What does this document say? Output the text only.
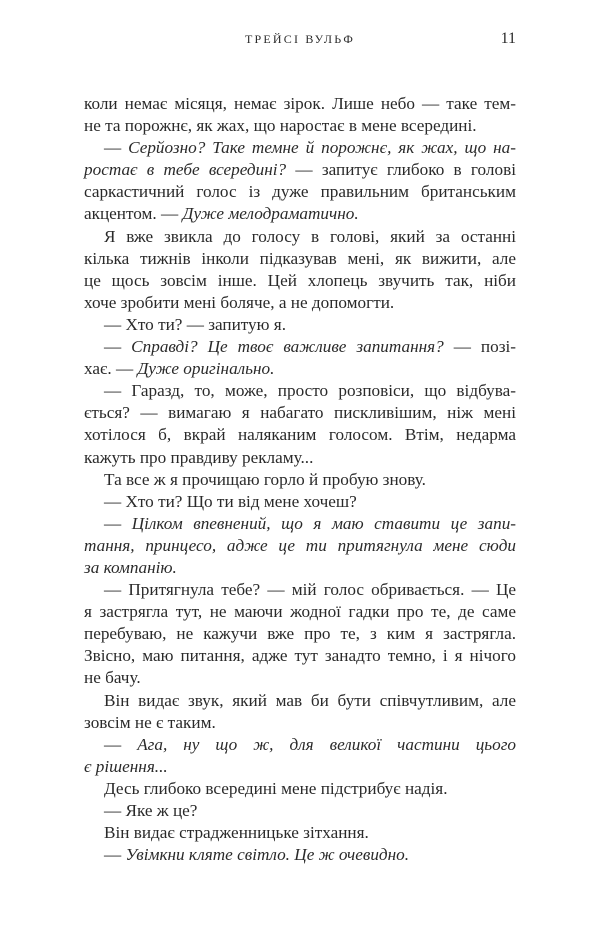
ТРЕЙСІ ВУЛЬФ	11
коли немає місяця, немає зірок. Лише небо — таке тем-
не та порожнє, як жах, що наростає в мене всередині.
— Серйозно? Таке темне й порожнє, як жах, що на-
ростає в тебе всередині? — запитує глибоко в голові
саркастичний голос із дуже правильним британським
акцентом. — Дуже мелодраматично.
Я вже звикла до голосу в голові, який за останні
кілька тижнів інколи підказував мені, як вижити, але
це щось зовсім інше. Цей хлопець звучить так, ніби
хоче зробити мені боляче, а не допомогти.
— Хто ти? — запитую я.
— Справді? Це твоє важливе запитання? — позі-
хає. — Дуже оригінально.
— Гаразд, то, може, просто розповіси, що відбува-
ється? — вимагаю я набагато пискливішим, ніж мені
хотілося б, вкрай наляканим голосом. Втім, недарма
кажуть про правдиву рекламу...
Та все ж я прочищаю горло й пробую знову.
— Хто ти? Що ти від мене хочеш?
— Цілком впевнений, що я маю ставити це запи-
тання, принцесо, адже це ти притягнула мене сюди
за компанію.
— Притягнула тебе? — мій голос обривається. — Це
я застрягла тут, не маючи жодної гадки про те, де саме
перебуваю, не кажучи вже про те, з ким я застрягла.
Звісно, маю питання, адже тут занадто темно, і я нічого
не бачу.
Він видає звук, який мав би бути співчутливим, але
зовсім не є таким.
— Ага, ну що ж, для великої частини цього
є рішення...
Десь глибоко всередині мене підстрибує надія.
— Яке ж це?
Він видає страдженницьке зітхання.
— Увімкни кляте світло. Це ж очевидно.
